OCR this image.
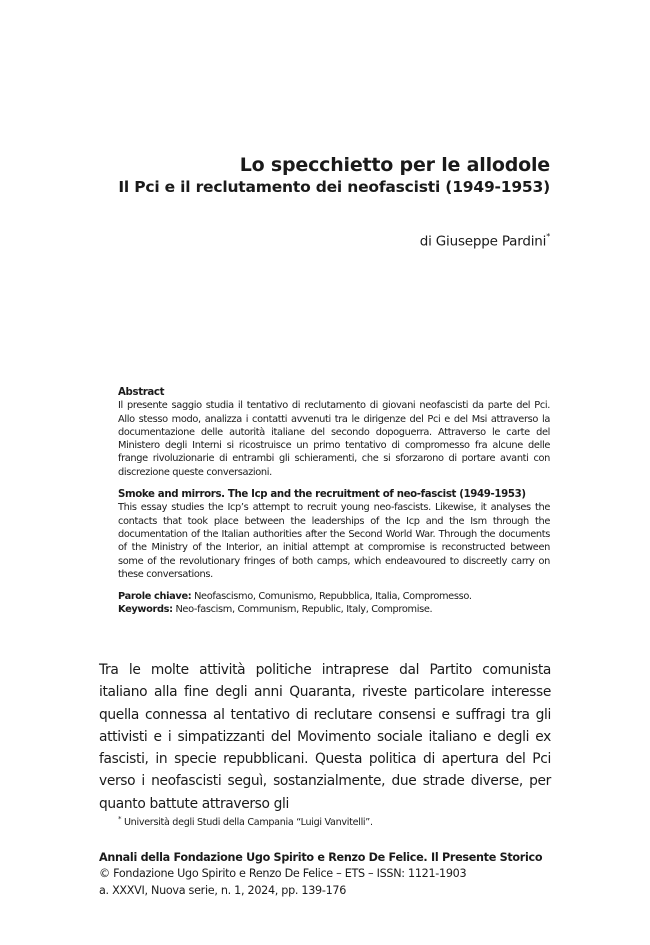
Lo specchietto per le allodole
Il Pci e il reclutamento dei neofascisti (1949-1953)
di Giuseppe Pardini*

Abstract

Il presente saggio studia il tentativo di reclutamento di giovani neofascisti da parte del Pci. Allo stesso modo, analizza i contatti avvenuti tra le dirigenze del Pci e del Msi attraverso la documentazione delle autorità italiane del secondo dopoguerra. Attraverso le carte del Ministero degli Interni si ricostruisce un primo tentativo di compromesso fra alcune delle frange rivoluzionarie di entrambi gli schieramenti, che si sforzarono di portare avanti con discrezione queste conversazioni.

Smoke and mirrors. The Icp and the recruitment of neo-fascist (1949-1953)

This essay studies the Icp’s attempt to recruit young neo-fascists. Likewise, it analyses the contacts that took place between the leaderships of the Icp and the Ism through the documentation of the Italian authorities after the Second World War. Through the documents of the Ministry of the Interior, an initial attempt at compromise is reconstructed between some of the revolutionary fringes of both camps, which endeavoured to discreetly carry on these conversations.

Parole chiave: Neofascismo, Comunismo, Repubblica, Italia, Compromesso.

Keywords: Neo-fascism, Communism, Republic, Italy, Compromise.

Tra le molte attività politiche intraprese dal Partito comunista italiano alla fine degli anni Quaranta, riveste particolare interesse quella connessa al tentativo di reclutare consensi e suffragi tra gli attivisti e i simpatizzanti del Movimento sociale italiano e degli ex fascisti, in specie repubblicani. Questa politica di apertura del Pci verso i neofascisti seguì, sostanzialmente, due strade diverse, per quanto battute attraverso gli

* Università degli Studi della Campania “Luigi Vanvitelli”.
Annali della Fondazione Ugo Spirito e Renzo De Felice. Il Presente Storico
© Fondazione Ugo Spirito e Renzo De Felice – ETS – ISSN: 1121-1903
a. XXXVI, Nuova serie, n. 1, 2024, pp. 139-176
